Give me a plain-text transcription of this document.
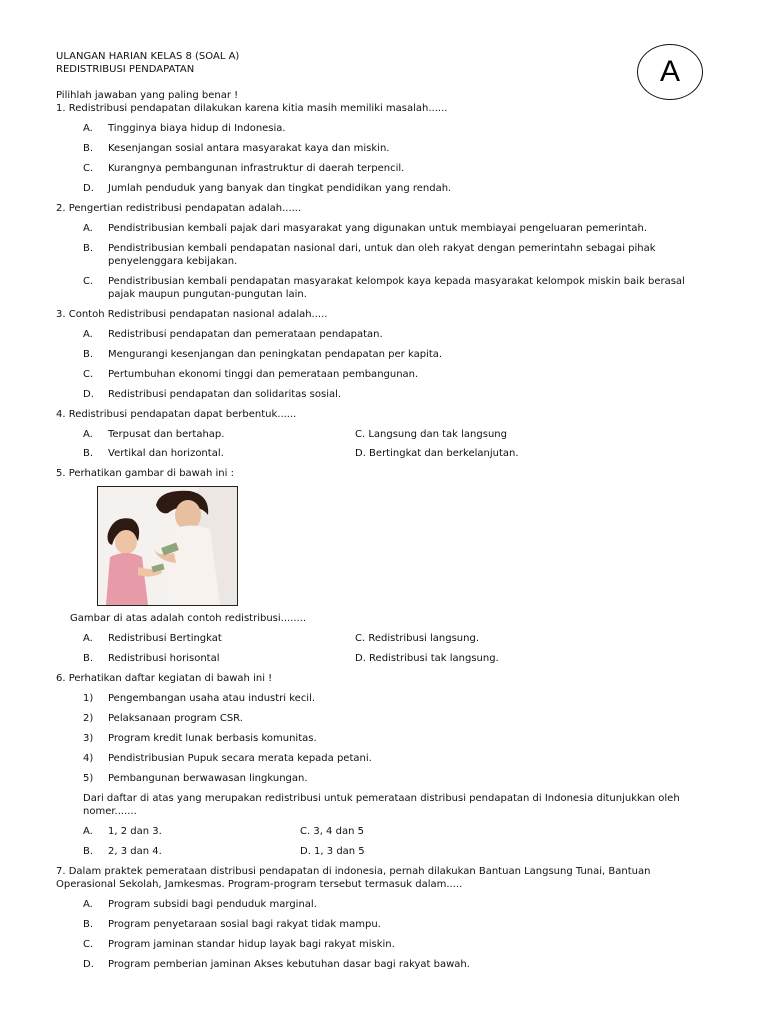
ULANGAN HARIAN KELAS 8 (SOAL A)
REDISTRIBUSI PENDAPATAN	A
Pilihlah jawaban yang paling benar !
1. Redistribusi pendapatan dilakukan karena kitia masih memiliki masalah......
A. Tingginya biaya hidup di Indonesia.
B. Kesenjangan sosial antara masyarakat kaya dan miskin.
C. Kurangnya pembangunan infrastruktur di daerah terpencil.
D. Jumlah penduduk yang banyak dan tingkat pendidikan yang rendah.
2. Pengertian redistribusi pendapatan adalah......
A. Pendistribusian kembali pajak dari masyarakat yang digunakan untuk membiayai pengeluaran pemerintah.
B. Pendistribusian kembali pendapatan nasional dari, untuk dan oleh rakyat dengan pemerintahn sebagai pihak penyelenggara kebijakan.
C. Pendistribusian kembali pendapatan masyarakat kelompok kaya kepada masyarakat kelompok miskin baik berasal pajak maupun pungutan-pungutan lain.
3. Contoh Redistribusi pendapatan nasional adalah.....
A. Redistribusi pendapatan dan pemerataan pendapatan.
B. Mengurangi kesenjangan dan peningkatan pendapatan per kapita.
C. Pertumbuhan ekonomi tinggi dan pemerataan pembangunan.
D. Redistribusi pendapatan dan solidaritas sosial.
4. Redistribusi pendapatan dapat berbentuk......
A. Terpusat dan bertahap.	C. Langsung dan tak langsung
B. Vertikal dan horizontal.	D. Bertingkat dan berkelanjutan.
5. Perhatikan gambar di bawah ini :
Gambar di atas adalah contoh redistribusi........
A. Redistribusi Bertingkat	C. Redistribusi langsung.
B. Redistribusi horisontal	D. Redistribusi tak langsung.
6. Perhatikan daftar kegiatan di bawah ini !
1) Pengembangan usaha atau industri kecil.
2) Pelaksanaan program CSR.
3) Program kredit lunak berbasis komunitas.
4) Pendistribusian Pupuk secara merata kepada petani.
5) Pembangunan berwawasan lingkungan.
Dari daftar di atas yang merupakan redistribusi untuk pemerataan distribusi pendapatan di Indonesia ditunjukkan oleh nomer.......
A. 1, 2 dan 3.	C. 3, 4 dan 5
B. 2, 3 dan 4.	D. 1, 3 dan 5
7. Dalam praktek pemerataan distribusi pendapatan di indonesia, pernah dilakukan Bantuan Langsung Tunai, Bantuan Operasional Sekolah, Jamkesmas. Program-program tersebut termasuk dalam.....
A. Program subsidi bagi penduduk marginal.
B. Program penyetaraan sosial bagi rakyat tidak mampu.
C. Program jaminan standar hidup layak bagi rakyat miskin.
D. Program pemberian jaminan Akses kebutuhan dasar bagi rakyat bawah.
